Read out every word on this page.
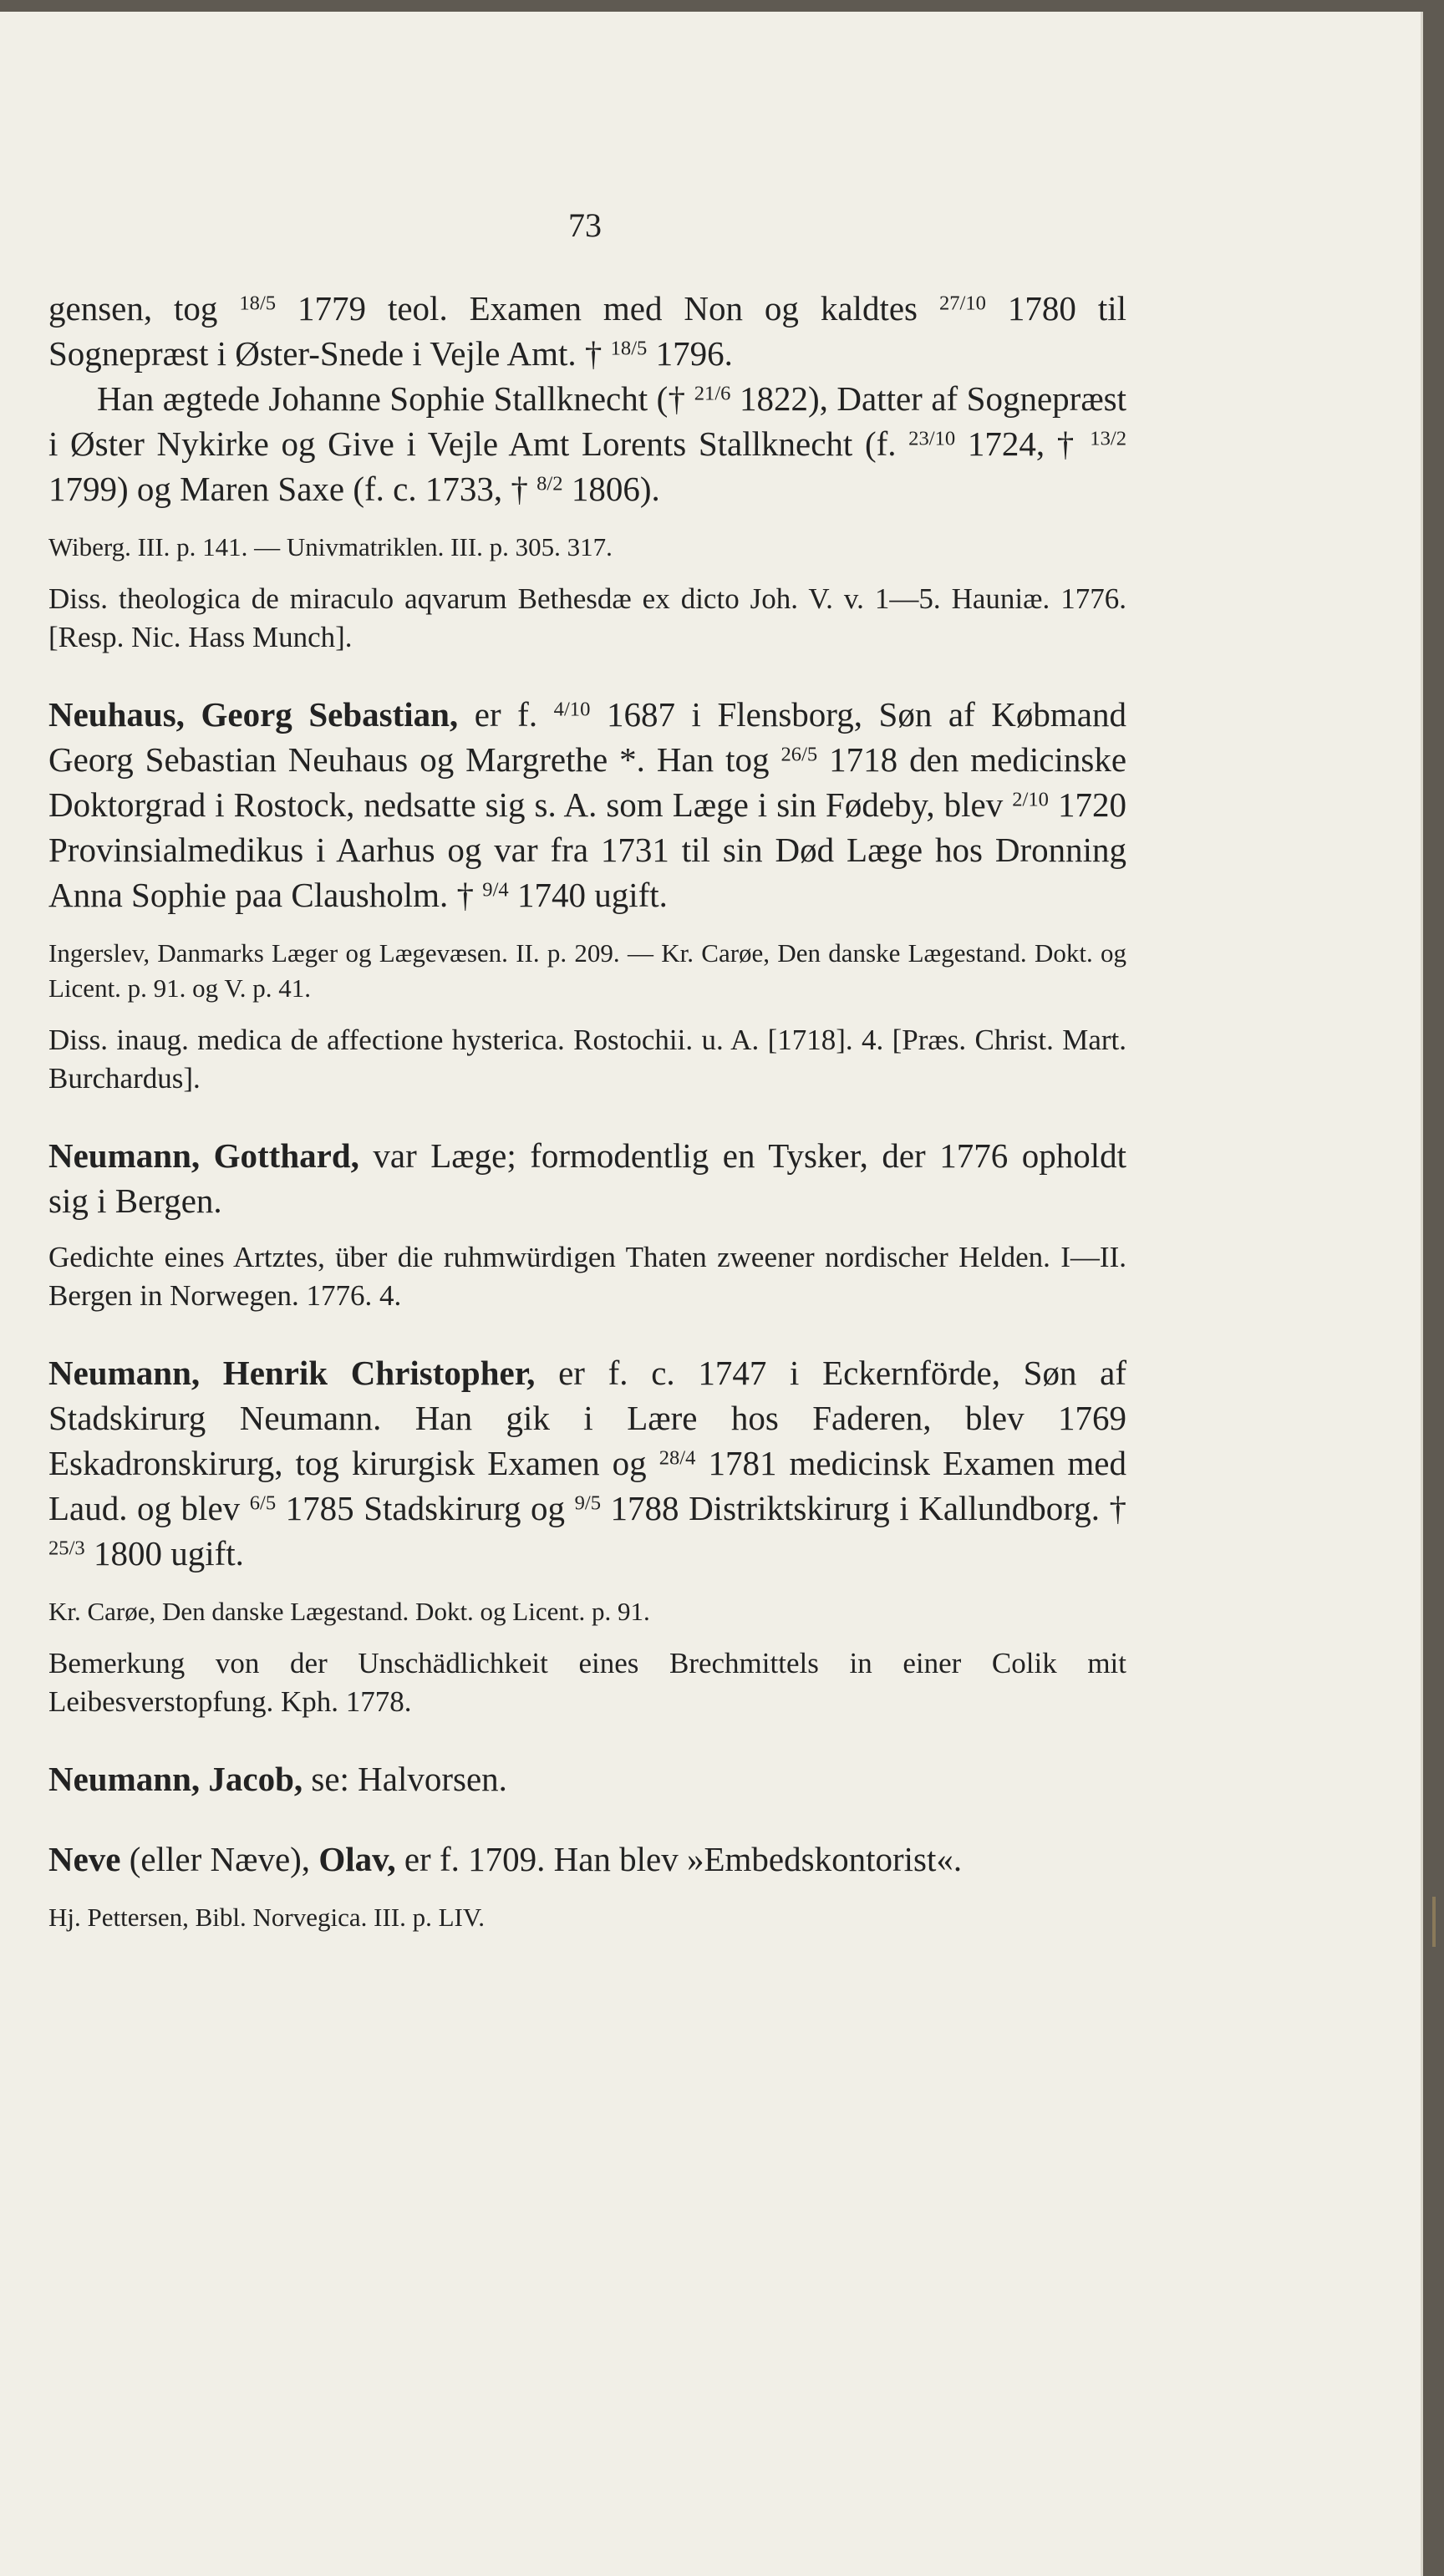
73

gensen, tog $^{18/5}$ 1779 teol. Examen med Non og kaldtes $^{27/10}$ 1780 til Sognepræst i Øster-Snede i Vejle Amt. † $^{18/5}$ 1796.

Han ægtede Johanne Sophie Stallknecht († $^{21/6}$ 1822), Datter af Sognepræst i Øster Nykirke og Give i Vejle Amt Lorents Stallknecht (f. $^{23/10}$ 1724, † $^{13/2}$ 1799) og Maren Saxe (f. c. 1733, † $^{8/2}$ 1806).

Wiberg. III. p. 141. — Univmatriklen. III. p. 305. 317.

Diss. theologica de miraculo aqvarum Bethesdæ ex dicto Joh. V. v. 1—5. Hauniæ. 1776. [Resp. Nic. Hass Munch].

Neuhaus, Georg Sebastian, er f. $^{4/10}$ 1687 i Flensborg, Søn af Købmand Georg Sebastian Neuhaus og Margrethe *. Han tog $^{26/5}$ 1718 den medicinske Doktorgrad i Rostock, nedsatte sig s. A. som Læge i sin Fødeby, blev $^{2/10}$ 1720 Provinsialmedikus i Aarhus og var fra 1731 til sin Død Læge hos Dronning Anna Sophie paa Clausholm. † $^{9/4}$ 1740 ugift.

Ingerslev, Danmarks Læger og Lægevæsen. II. p. 209. — Kr. Carøe, Den danske Lægestand. Dokt. og Licent. p. 91. og V. p. 41.

Diss. inaug. medica de affectione hysterica. Rostochii. u. A. [1718]. 4. [Præs. Christ. Mart. Burchardus].

Neumann, Gotthard, var Læge; formodentlig en Tysker, der 1776 opholdt sig i Bergen.

Gedichte eines Artztes, über die ruhmwürdigen Thaten zweener nordischer Helden. I—II. Bergen in Norwegen. 1776. 4.

Neumann, Henrik Christopher, er f. c. 1747 i Eckernförde, Søn af Stadskirurg Neumann. Han gik i Lære hos Faderen, blev 1769 Eskadronskirurg, tog kirurgisk Examen og $^{28/4}$ 1781 medicinsk Examen med Laud. og blev $^{6/5}$ 1785 Stadskirurg og $^{9/5}$ 1788 Distriktskirurg i Kallundborg. † $^{25/3}$ 1800 ugift.

Kr. Carøe, Den danske Lægestand. Dokt. og Licent. p. 91.

Bemerkung von der Unschädlichkeit eines Brechmittels in einer Colik mit Leibesverstopfung. Kph. 1778.

Neumann, Jacob, se: Halvorsen.

Neve (eller Næve), Olav, er f. 1709. Han blev »Embedskontorist«.

Hj. Pettersen, Bibl. Norvegica. III. p. LIV.
